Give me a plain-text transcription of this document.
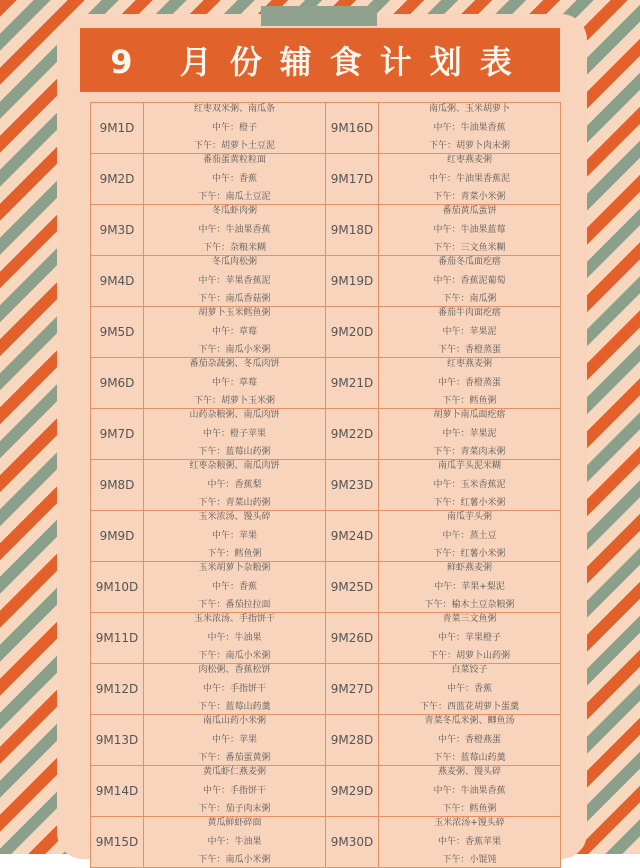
9 月份辅食计划表
9M1D	红枣双米粥、南瓜条
中午：橙子
下午：胡萝卜土豆泥	9M16D	南瓜粥、玉米胡萝卜
中午：牛油果香蕉
下午：胡萝卜肉末粥

9M2D	番茄蛋黄粒粒面
中午：香蕉
下午：南瓜土豆泥	9M17D	红枣燕麦粥
中午：牛油果香蕉泥
下午：青菜小米粥

9M3D	冬瓜虾肉粥
中午：牛油果香蕉
下午：杂粮米糊	9M18D	番茄黄瓜蛋饼
中午：牛油果蓝莓
下午：三文鱼米糊

9M4D	冬瓜肉松粥
中午：苹果香蕉泥
下午：南瓜香菇粥	9M19D	番茄冬瓜面疙瘩
中午：香蕉泥葡萄
下午：南瓜粥

9M5D	胡萝卜玉米鳕鱼粥
中午：草莓
下午：南瓜小米粥	9M20D	番茄牛肉面疙瘩
中午：苹果泥
下午：香橙蒸蛋

9M6D	番茄杂蔬粥、冬瓜肉饼
中午：草莓
下午：胡萝卜玉米粥	9M21D	红枣燕麦粥
中午：香橙蒸蛋
下午：鳕鱼粥

9M7D	山药杂粮粥、南瓜肉饼
中午：橙子苹果
下午：蓝莓山药粥	9M22D	胡萝卜南瓜面疙瘩
中午：苹果泥
下午：青菜肉末粥

9M8D	红枣杂粮粥、南瓜肉饼
中午：香蕉梨
下午：青菜山药粥	9M23D	南瓜芋头泥米糊
中午：玉米香蕉泥
下午：红薯小米粥

9M9D	玉米浓汤、馒头碎
中午：苹果
下午：鳕鱼粥	9M24D	南瓜芋头粥
中午：蒸土豆
下午：红薯小米粥

9M10D	玉米胡萝卜杂粮粥
中午：香蕉
下午：番茄拉拉面	9M25D	鲜虾燕麦粥
中午：苹果+梨泥
下午：榆木土豆杂粮粥

9M11D	玉米浓汤、手指饼干
中午：牛油果
下午：南瓜小米粥	9M26D	青菜三文鱼粥
中午：苹果橙子
下午：胡萝卜山药粥

9M12D	肉松粥、香蕉松饼
中午：手指饼干
下午：蓝莓山药羹	9M27D	白菜饺子
中午：香蕉
下午：西蓝花胡萝卜蛋羹

9M13D	南瓜山药小米粥
中午：苹果
下午：番茄蛋黄粥	9M28D	青菜冬瓜米粥、鲫鱼汤
中午：香橙燕蛋
下午：蓝莓山药羹

9M14D	黄瓜虾仁燕麦粥
中午：手指饼干
下午：茄子肉末粥	9M29D	燕麦粥、馒头碎
中午：牛油果香蕉
下午：鳕鱼粥

9M15D	黄瓜鲜虾碎面
中午：牛油果
下午：南瓜小米粥	9M30D	玉米浓汤+馒头碎
中午：香蕉苹果
下午：小馄饨
